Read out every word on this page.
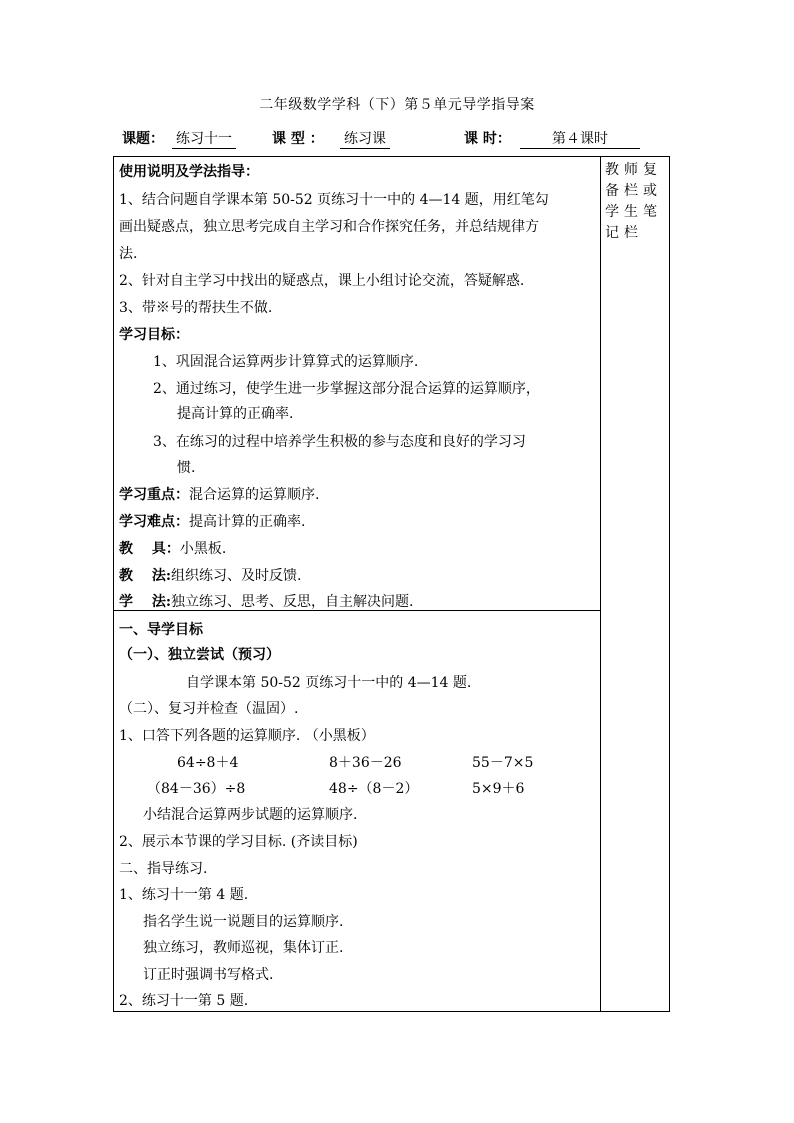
二年级数学学科（下）第５单元导学指导案
课题： 练习十一	课 型 ： 练习课	课 时：	第４课时
教师复备栏或学生笔记栏
使用说明及学法指导：
1、结合问题自学课本第 50-52 页练习十一中的 4—14 题，用红笔勾
画出疑惑点，独立思考完成自主学习和合作探究任务，并总结规律方
法.
2、针对自主学习中找出的疑惑点，课上小组讨论交流，答疑解惑.
3、带※号的帮扶生不做.
学习目标：
1、巩固混合运算两步计算算式的运算顺序.
2、通过练习，使学生进一步掌握这部分混合运算的运算顺序，
提高计算的正确率.
3、在练习的过程中培养学生积极的参与态度和良好的学习习
惯.
学习重点：混合运算的运算顺序.
学习难点：提高计算的正确率.
教　 具：小黑板.
教　 法:组织练习、及时反馈.
学　 法:独立练习、思考、反思，自主解决问题.
一、导学目标
（一）、独立尝试（预习）
自学课本第 50-52 页练习十一中的 4—14 题.
（二）、复习并检查（温固）.
1、口答下列各题的运算顺序. （小黑板）
64÷8＋4	8＋36－26	55－7×5
（84－36）÷8	48÷（8－2）	5×9＋6
小结混合运算两步试题的运算顺序.
2、展示本节课的学习目标. (齐读目标)
二、指导练习.
1、练习十一第 4 题.
指名学生说一说题目的运算顺序.
独立练习，教师巡视，集体订正.
订正时强调书写格式.
2、练习十一第 5 题.
